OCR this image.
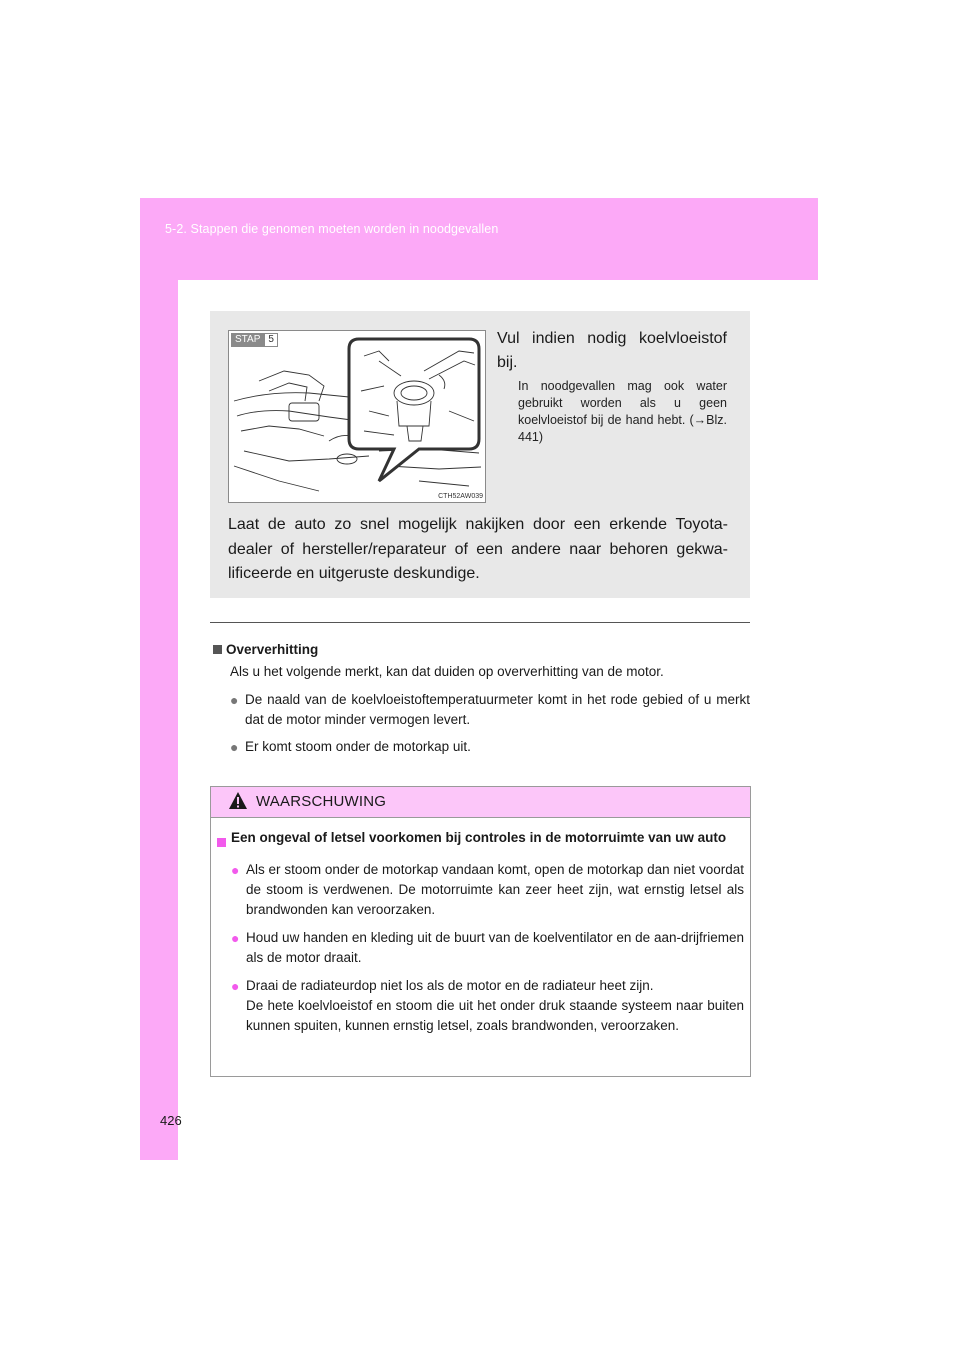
5-2. Stappen die genomen moeten worden in noodgevallen
426
STAP 5
CTH52AW039
Vul indien nodig koelvloeistof bij.
In noodgevallen mag ook water gebruikt worden als u geen koelvloeistof bij de hand hebt. (→Blz. 441)
Laat de auto zo snel mogelijk nakijken door een erkende Toyota-dealer of hersteller/reparateur of een andere naar behoren gekwa-lificeerde en uitgeruste deskundige.
Oververhitting
Als u het volgende merkt, kan dat duiden op oververhitting van de motor.
● De naald van de koelvloeistoftemperatuurmeter komt in het rode gebied of u merkt dat de motor minder vermogen levert.
● Er komt stoom onder de motorkap uit.
WAARSCHUWING
Een ongeval of letsel voorkomen bij controles in de motorruimte van uw auto
● Als er stoom onder de motorkap vandaan komt, open de motorkap dan niet voordat de stoom is verdwenen. De motorruimte kan zeer heet zijn, wat ernstig letsel als brandwonden kan veroorzaken.
● Houd uw handen en kleding uit de buurt van de koelventilator en de aan-drijfriemen als de motor draait.
● Draai de radiateurdop niet los als de motor en de radiateur heet zijn.
De hete koelvloeistof en stoom die uit het onder druk staande systeem naar buiten kunnen spuiten, kunnen ernstig letsel, zoals brandwonden, veroorzaken.
